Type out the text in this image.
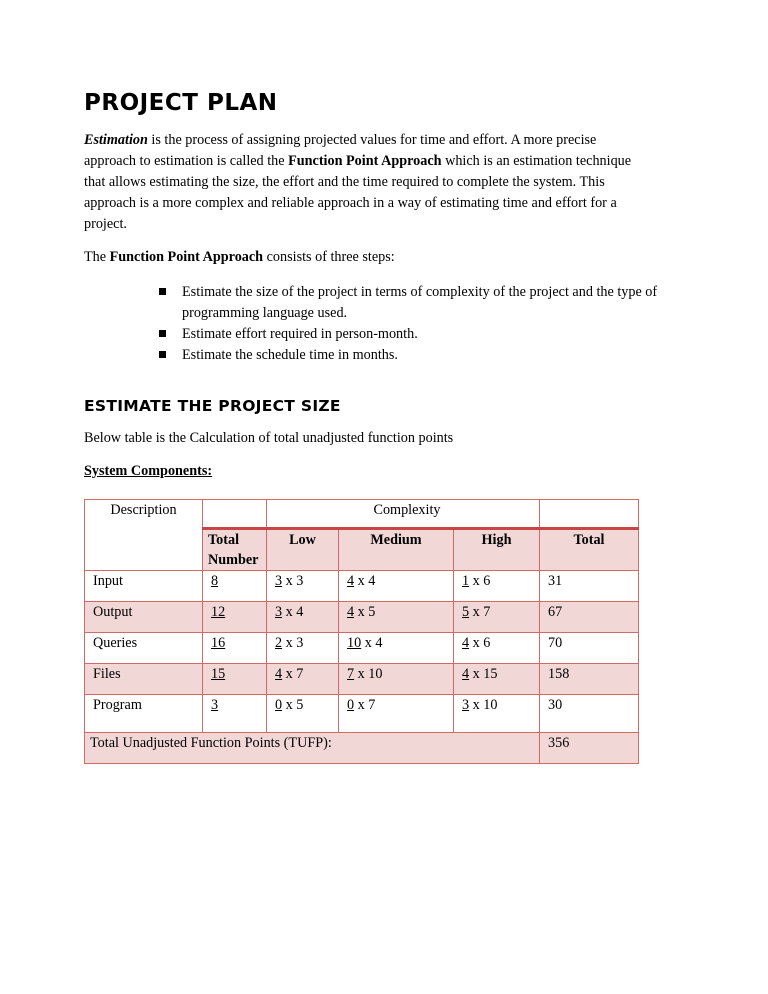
PROJECT PLAN

Estimation is the process of assigning projected values for time and effort. A more precise approach to estimation is called the Function Point Approach which is an estimation technique that allows estimating the size, the effort and the time required to complete the system. This approach is a more complex and reliable approach in a way of estimating time and effort for a project.

The Function Point Approach consists of three steps:

Estimate the size of the project in terms of complexity of the project and the type of programming language used.
Estimate effort required in person-month.
Estimate the schedule time in months.
ESTIMATE THE PROJECT SIZE

Below table is the Calculation of total unadjusted function points

System Components:

Description		Complexity			
	Total Number	Low	Medium	High	Total
Input	8	3 x 3	4 x 4	1 x 6	31
Output	12	3 x 4	4 x 5	5 x 7	67
Queries	16	2 x 3	10 x 4	4 x 6	70
Files	15	4 x 7	7 x 10	4 x 15	158
Program	3	0 x 5	0 x 7	3 x 10	30
Total Unadjusted Function Points (TUFP):					356
